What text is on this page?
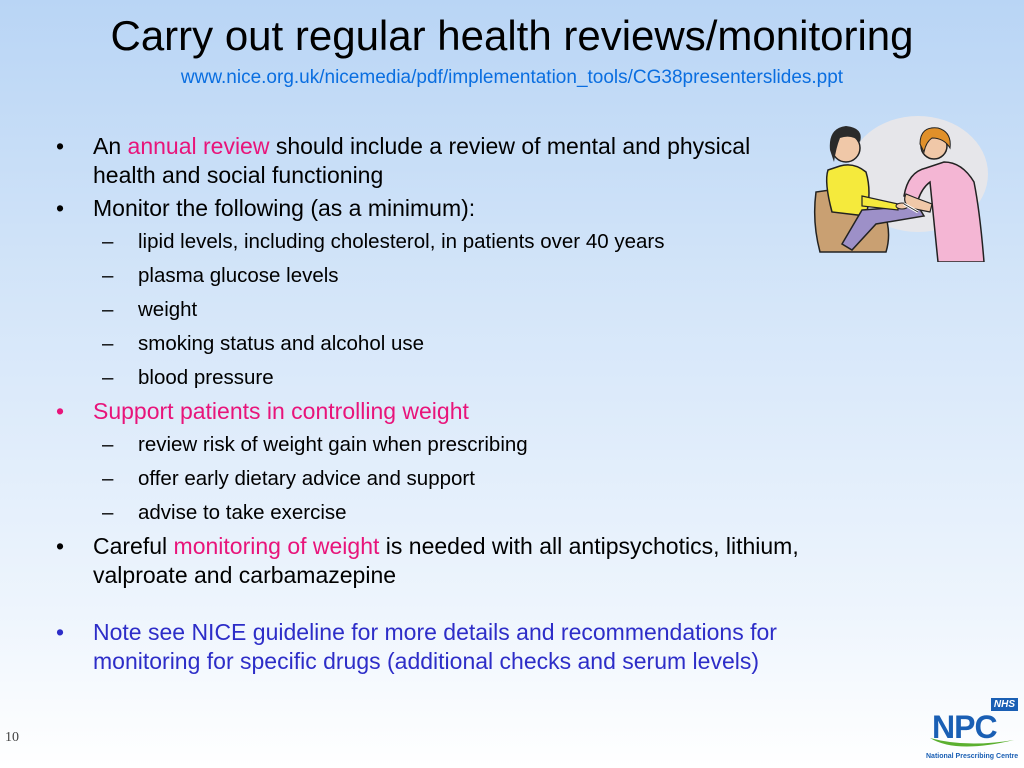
Carry out regular health reviews/monitoring
www.nice.org.uk/nicemedia/pdf/implementation_tools/CG38presenterslides.ppt
• An annual review should include a review of mental and physical health and social functioning
• Monitor the following (as a minimum):
– lipid levels, including cholesterol, in patients over 40 years
– plasma glucose levels
– weight
– smoking status and alcohol use
– blood pressure
• Support patients in controlling weight
– review risk of weight gain when prescribing
– offer early dietary advice and support
– advise to take exercise
• Careful monitoring of weight is needed with all antipsychotics, lithium, valproate and carbamazepine
• Note see NICE guideline for more details and recommendations for monitoring for specific drugs (additional checks and serum levels)
10
NHS
NPC
National Prescribing Centre
